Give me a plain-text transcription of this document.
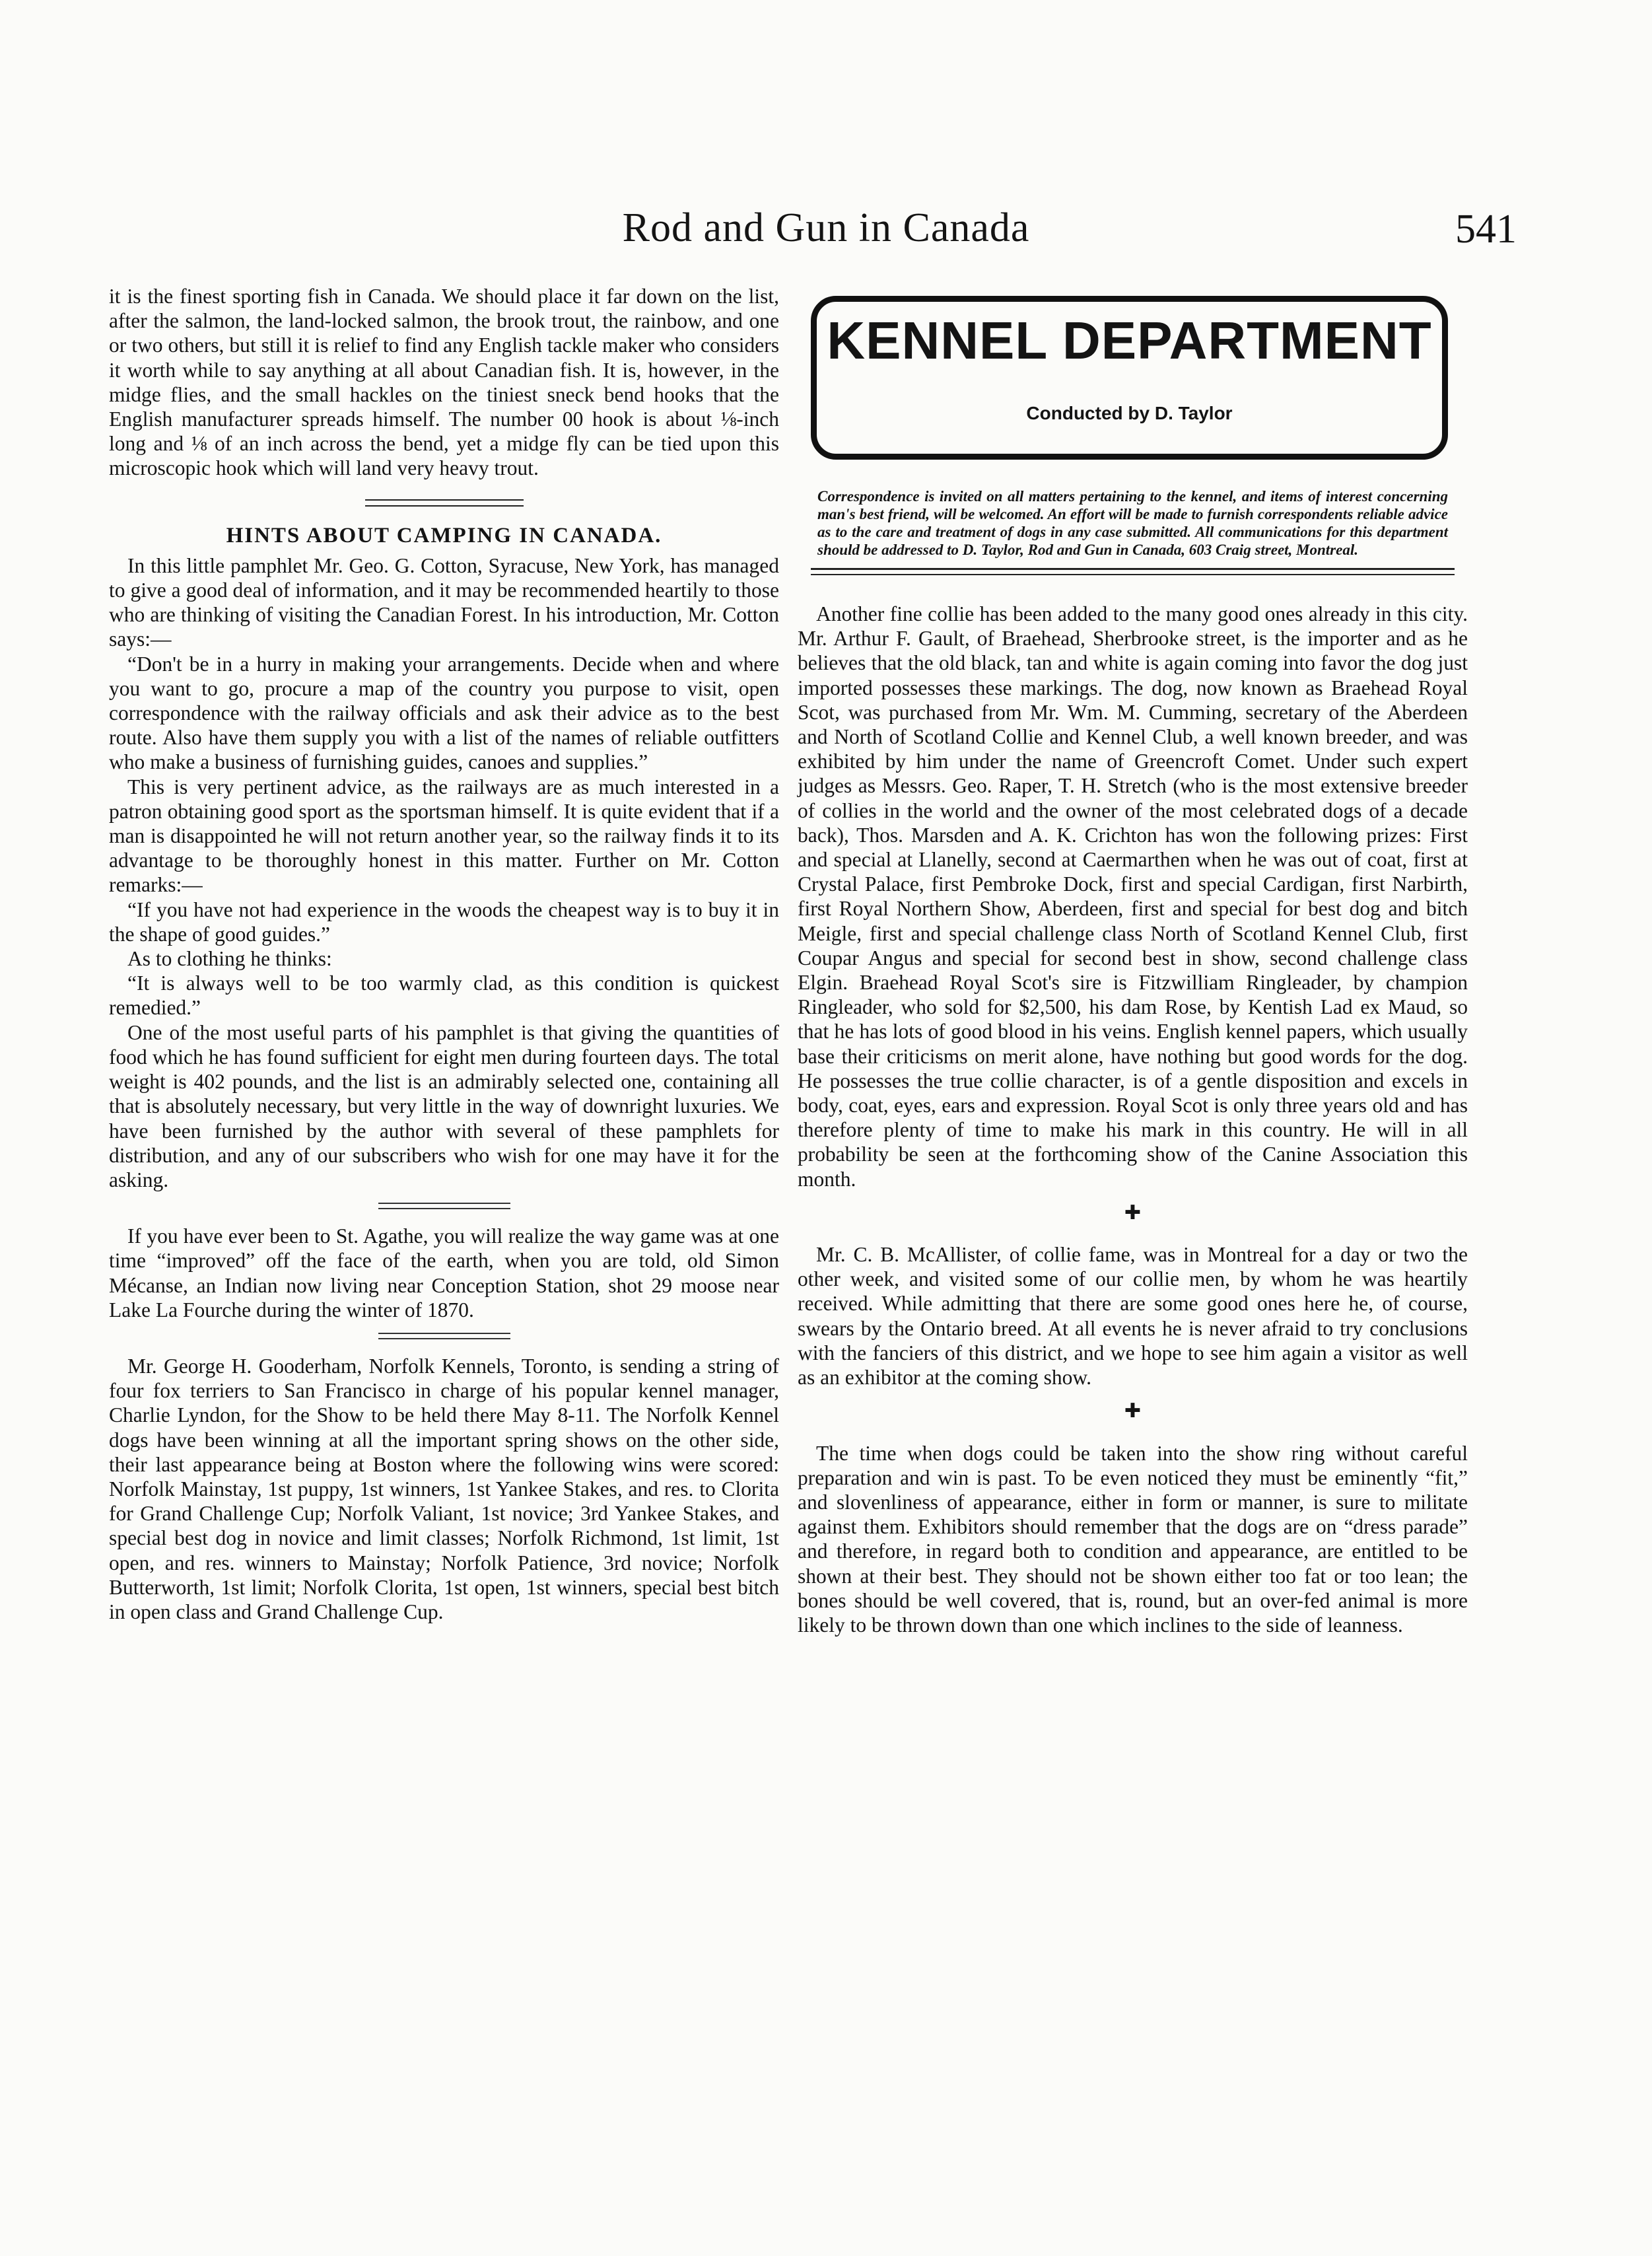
Rod and Gun in Canada	541

it is the finest sporting fish in Canada. We should place it far down on the list, after the salmon, the land-locked salmon, the brook trout, the rainbow, and one or two others, but still it is relief to find any English tackle maker who considers it worth while to say anything at all about Canadian fish. It is, however, in the midge flies, and the small hackles on the tiniest sneck bend hooks that the English manufacturer spreads himself. The number 00 hook is about ⅛-inch long and ⅛ of an inch across the bend, yet a midge fly can be tied upon this microscopic hook which will land very heavy trout.

HINTS ABOUT CAMPING IN CANADA.

In this little pamphlet Mr. Geo. G. Cotton, Syracuse, New York, has managed to give a good deal of information, and it may be recommended heartily to those who are thinking of visiting the Canadian Forest. In his introduction, Mr. Cotton says:—

“Don't be in a hurry in making your arrangements. Decide when and where you want to go, procure a map of the country you purpose to visit, open correspondence with the railway officials and ask their advice as to the best route. Also have them supply you with a list of the names of reliable outfitters who make a business of furnishing guides, canoes and supplies.”

This is very pertinent advice, as the railways are as much interested in a patron obtaining good sport as the sportsman himself. It is quite evident that if a man is disappointed he will not return another year, so the railway finds it to its advantage to be thoroughly honest in this matter. Further on Mr. Cotton remarks:—

“If you have not had experience in the woods the cheapest way is to buy it in the shape of good guides.”

As to clothing he thinks:

“It is always well to be too warmly clad, as this condition is quickest remedied.”

One of the most useful parts of his pamphlet is that giving the quantities of food which he has found sufficient for eight men during fourteen days. The total weight is 402 pounds, and the list is an admirably selected one, containing all that is absolutely necessary, but very little in the way of downright luxuries. We have been furnished by the author with several of these pamphlets for distribution, and any of our subscribers who wish for one may have it for the asking.

If you have ever been to St. Agathe, you will realize the way game was at one time “improved” off the face of the earth, when you are told, old Simon Mécanse, an Indian now living near Conception Station, shot 29 moose near Lake La Fourche during the winter of 1870.

Mr. George H. Gooderham, Norfolk Kennels, Toronto, is sending a string of four fox terriers to San Francisco in charge of his popular kennel manager, Charlie Lyndon, for the Show to be held there May 8-11. The Norfolk Kennel dogs have been winning at all the important spring shows on the other side, their last appearance being at Boston where the following wins were scored: Norfolk Mainstay, 1st puppy, 1st winners, 1st Yankee Stakes, and res. to Clorita for Grand Challenge Cup; Norfolk Valiant, 1st novice; 3rd Yankee Stakes, and special best dog in novice and limit classes; Norfolk Richmond, 1st limit, 1st open, and res. winners to Mainstay; Norfolk Patience, 3rd novice; Norfolk Butterworth, 1st limit; Norfolk Clorita, 1st open, 1st winners, special best bitch in open class and Grand Challenge Cup.

KENNEL DEPARTMENT
Conducted by D. Taylor
Correspondence is invited on all matters pertaining to the kennel, and items of interest concerning man's best friend, will be welcomed. An effort will be made to furnish correspondents reliable advice as to the care and treatment of dogs in any case submitted. All communications for this department should be addressed to D. Taylor, Rod and Gun in Canada, 603 Craig street, Montreal.

Another fine collie has been added to the many good ones already in this city. Mr. Arthur F. Gault, of Braehead, Sherbrooke street, is the importer and as he believes that the old black, tan and white is again coming into favor the dog just imported possesses these markings. The dog, now known as Braehead Royal Scot, was purchased from Mr. Wm. M. Cumming, secretary of the Aberdeen and North of Scotland Collie and Kennel Club, a well known breeder, and was exhibited by him under the name of Greencroft Comet. Under such expert judges as Messrs. Geo. Raper, T. H. Stretch (who is the most extensive breeder of collies in the world and the owner of the most celebrated dogs of a decade back), Thos. Marsden and A. K. Crichton has won the following prizes: First and special at Llanelly, second at Caermarthen when he was out of coat, first at Crystal Palace, first Pembroke Dock, first and special Cardigan, first Narbirth, first Royal Northern Show, Aberdeen, first and special for best dog and bitch Meigle, first and special challenge class North of Scotland Kennel Club, first Coupar Angus and special for second best in show, second challenge class Elgin. Braehead Royal Scot's sire is Fitzwilliam Ringleader, by champion Ringleader, who sold for $2,500, his dam Rose, by Kentish Lad ex Maud, so that he has lots of good blood in his veins. English kennel papers, which usually base their criticisms on merit alone, have nothing but good words for the dog. He possesses the true collie character, is of a gentle disposition and excels in body, coat, eyes, ears and expression. Royal Scot is only three years old and has therefore plenty of time to make his mark in this country. He will in all probability be seen at the forthcoming show of the Canine Association this month.

✚

Mr. C. B. McAllister, of collie fame, was in Montreal for a day or two the other week, and visited some of our collie men, by whom he was heartily received. While admitting that there are some good ones here he, of course, swears by the Ontario breed. At all events he is never afraid to try conclusions with the fanciers of this district, and we hope to see him again a visitor as well as an exhibitor at the coming show.

✚

The time when dogs could be taken into the show ring without careful preparation and win is past. To be even noticed they must be eminently “fit,” and slovenliness of appearance, either in form or manner, is sure to militate against them. Exhibitors should remember that the dogs are on “dress parade” and therefore, in regard both to condition and appearance, are entitled to be shown at their best. They should not be shown either too fat or too lean; the bones should be well covered, that is, round, but an over-fed animal is more likely to be thrown down than one which inclines to the side of leanness.
